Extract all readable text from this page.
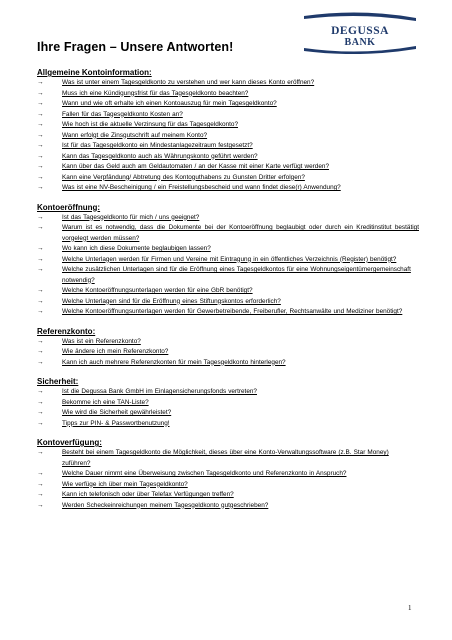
DEGUSSA
BANK
Ihre Fragen – Unsere Antworten!
Allgemeine Kontoinformation:
→	Was ist unter einem Tagesgeldkonto zu verstehen und wer kann dieses Konto eröffnen?
→	Muss ich eine Kündigungsfrist für das Tagesgeldkonto beachten?
→	Wann und wie oft erhalte ich einen Kontoauszug für mein Tagesgeldkonto?
→	Fallen für das Tagesgeldkonto Kosten an?
→	Wie hoch ist die aktuelle Verzinsung für das Tagesgeldkonto?
→	Wann erfolgt die Zinsgutschrift auf meinem Konto?
→	Ist für das Tagesgeldkonto ein Mindestanlagezeitraum festgesetzt?
→	Kann das Tagesgeldkonto auch als Währungskonto geführt werden?
→	Kann über das Geld auch am Geldautomaten / an der Kasse mit einer Karte verfügt werden?
→	Kann eine Verpfändung/ Abtretung des Kontoguthabens zu Gunsten Dritter erfolgen?
→	Was ist eine NV-Bescheinigung / ein Freistellungsbescheid und wann findet diese(r) Anwendung?
Kontoeröffnung:
→	Ist das Tagesgeldkonto für mich / uns geeignet?
→	Warum ist es notwendig, dass die Dokumente bei der Kontoeröffnung beglaubigt oder durch ein Kreditinstitut bestätigt vorgelegt werden müssen?
→	Wo kann ich diese Dokumente beglaubigen lassen?
→	Welche Unterlagen werden für Firmen und Vereine mit Eintragung in ein öffentliches Verzeichnis (Register) benötigt?
→	Welche zusätzlichen Unterlagen sind für die Eröffnung eines Tagesgeldkontos für eine Wohnungseigentümergemeinschaft notwendig?
→	Welche Kontoeröffnungsunterlagen werden für eine GbR benötigt?
→	Welche Unterlagen sind für die Eröffnung eines Stiftungskontos erforderlich?
→	Welche Kontoeröffnungsunterlagen werden für Gewerbetreibende, Freiberufler, Rechtsanwälte und Mediziner benötigt?
Referenzkonto:
→	Was ist ein Referenzkonto?
→	Wie ändere ich mein Referenzkonto?
→	Kann ich auch mehrere Referenzkonten für mein Tagesgeldkonto hinterlegen?
Sicherheit:
→	Ist die Degussa Bank GmbH im Einlagensicherungsfonds vertreten?
→	Bekomme ich eine TAN-Liste?
→	Wie wird die Sicherheit gewährleistet?
→	Tipps zur PIN- & Passwortbenutzung!
Kontoverfügung:
→	Besteht bei einem Tagesgeldkonto die Möglichkeit, dieses über eine Konto-Verwaltungssoftware (z.B. Star Money) zuführen?
→	Welche Dauer nimmt eine Überweisung zwischen Tagesgeldkonto und Referenzkonto in Anspruch?
→	Wie verfüge ich über mein Tagesgeldkonto?
→	Kann ich telefonisch oder über Telefax Verfügungen treffen?
→	Werden Scheckeinreichungen meinem Tagesgeldkonto gutgeschrieben?
1
